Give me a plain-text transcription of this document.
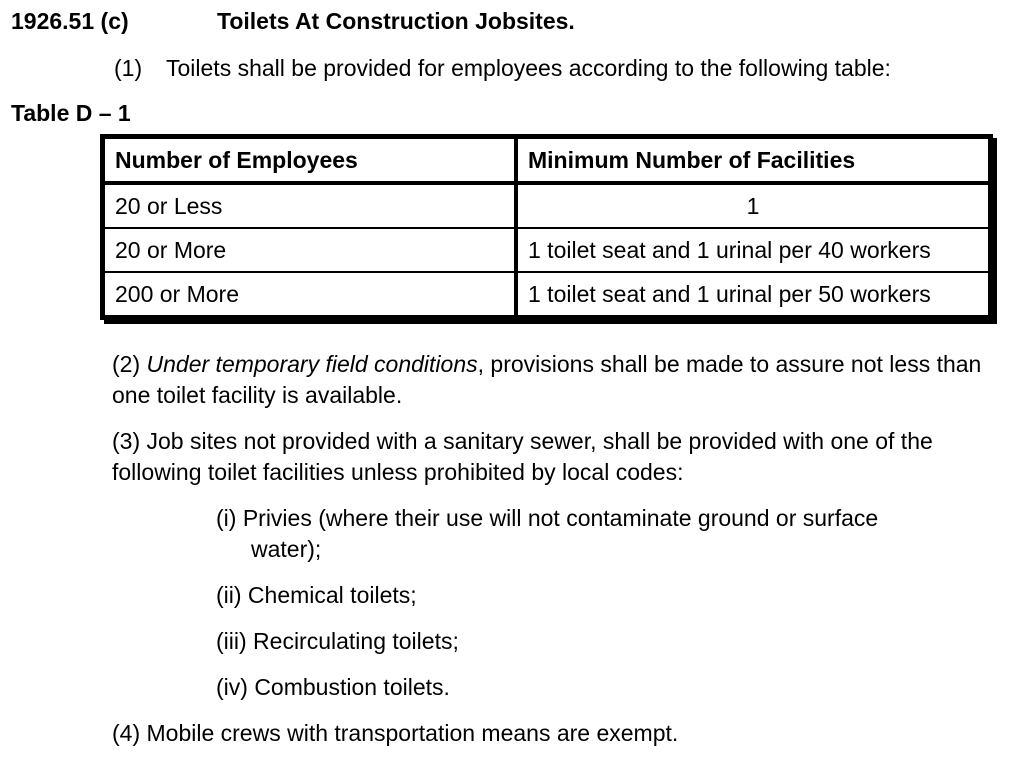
1926.51 (c)	Toilets At Construction Jobsites.
(1) Toilets shall be provided for employees according to the following table:
Table D – 1
Number of Employees	Minimum Number of Facilities
20 or Less	1
20 or More	1 toilet seat and 1 urinal per 40 workers
200 or More	1 toilet seat and 1 urinal per 50 workers
(2) Under temporary field conditions, provisions shall be made to assure not less than one toilet facility is available.
(3) Job sites not provided with a sanitary sewer, shall be provided with one of the following toilet facilities unless prohibited by local codes:
(i) Privies (where their use will not contaminate ground or surface
water);
(ii) Chemical toilets;
(iii) Recirculating toilets;
(iv) Combustion toilets.
(4) Mobile crews with transportation means are exempt.
